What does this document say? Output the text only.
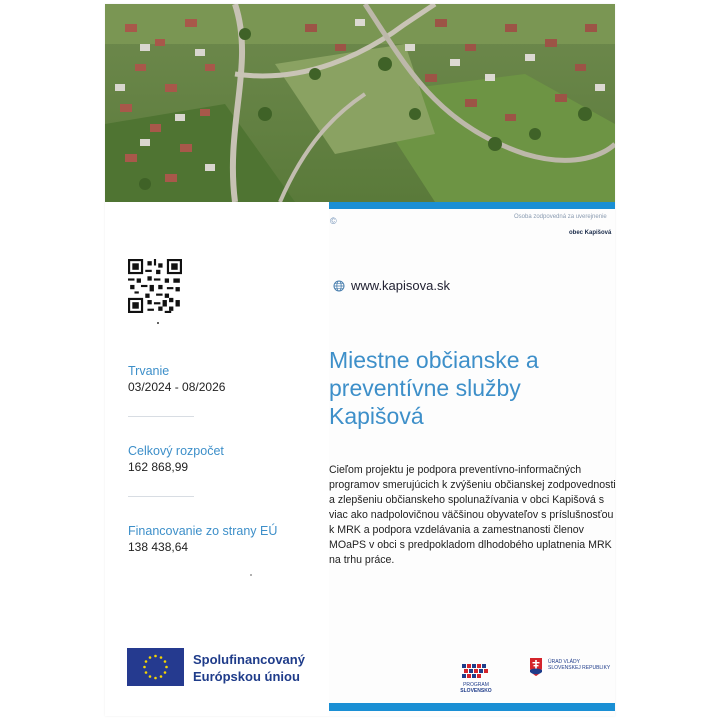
©	Osoba zodpovedná za uverejnenie
obec Kapišová
www.kapisova.sk
Miestne občianske a
preventívne služby
Kapišová
Cieľom projektu je podpora preventívno-informačných programov smerujúcich k zvýšeniu občianskej zodpovednosti a zlepšeniu občianskeho spolunažívania v obci Kapišová s viac ako nadpolovičnou väčšinou obyvateľov s príslušnosťou k MRK a podpora vzdelávania a zamestnanosti členov MOaPS v obci s predpokladom dlhodobého uplatnenia MRK na trhu práce.
Trvanie
03/2024 - 08/2026
Celkový rozpočet
162 868,99
Financovanie zo strany EÚ
138 438,64
Spolufinancovaný
Európskou úniou
PROGRAM
SLOVENSKO
ÚRAD VLÁDY
SLOVENSKEJ REPUBLIKY
